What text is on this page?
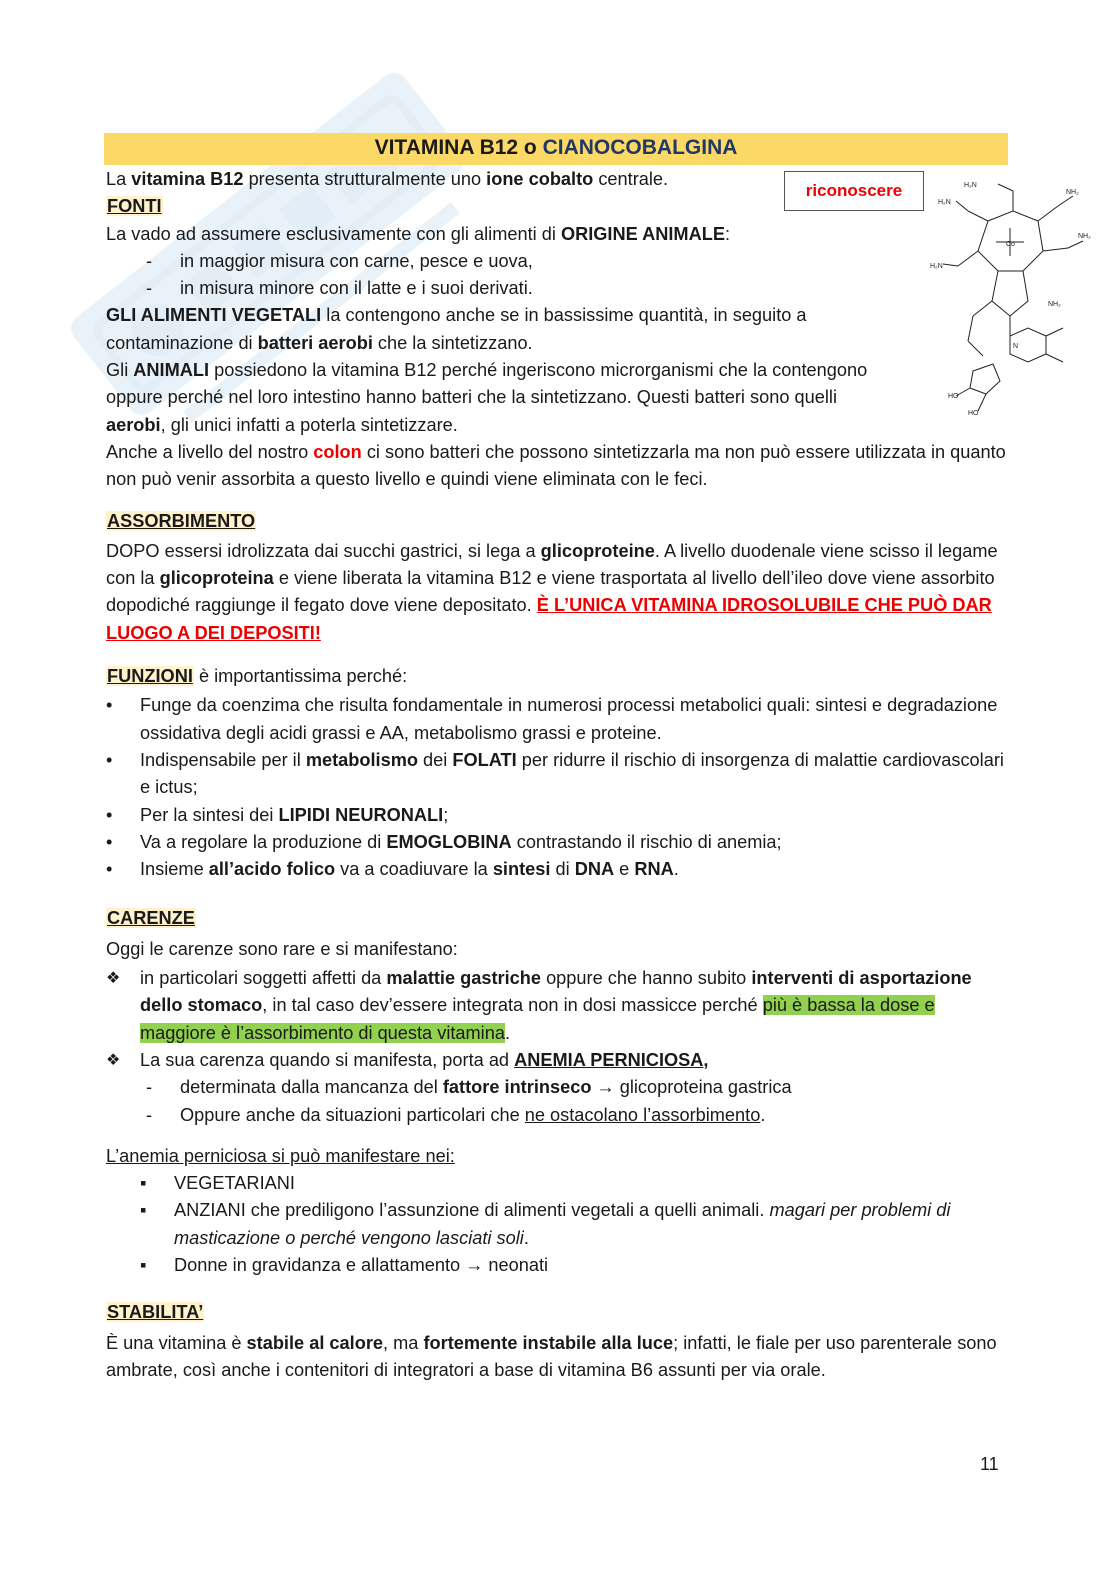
VITAMINA B12 o CIANOCOBALGINA
riconoscere	H₂N
NH₂
NH₂
H₂N
H₂N
Co
NH₂
N
HO
HO

La vitamina B12 presenta strutturalmente uno ione cobalto centrale.

FONTI

La vado ad assumere esclusivamente con gli alimenti di ORIGINE ANIMALE:

- in maggior misura con carne, pesce e uova,

- in misura minore con il latte e i suoi derivati.

GLI ALIMENTI VEGETALI la contengono anche se in bassissime quantità, in seguito a contaminazione di batteri aerobi che la sintetizzano.

Gli ANIMALI possiedono la vitamina B12 perché ingeriscono microrganismi che la contengono oppure perché nel loro intestino hanno batteri che la sintetizzano. Questi batteri sono quelli aerobi, gli unici infatti a poterla sintetizzare.

Anche a livello del nostro colon ci sono batteri che possono sintetizzarla ma non può essere utilizzata in quanto non può venir assorbita a questo livello e quindi viene eliminata con le feci.

ASSORBIMENTO

DOPO essersi idrolizzata dai succhi gastrici, si lega a glicoproteine. A livello duodenale viene scisso il legame con la glicoproteina e viene liberata la vitamina B12 e viene trasportata al livello dell’ileo dove viene assorbito dopodiché raggiunge il fegato dove viene depositato. È L’UNICA VITAMINA IDROSOLUBILE CHE PUÒ DAR LUOGO A DEI DEPOSITI!

FUNZIONI è importantissima perché:

• Funge da coenzima che risulta fondamentale in numerosi processi metabolici quali: sintesi e degradazione ossidativa degli acidi grassi e AA, metabolismo grassi e proteine.

• Indispensabile per il metabolismo dei FOLATI per ridurre il rischio di insorgenza di malattie cardiovascolari e ictus;

• Per la sintesi dei LIPIDI NEURONALI;

• Va a regolare la produzione di EMOGLOBINA contrastando il rischio di anemia;

• Insieme all’acido folico va a coadiuvare la sintesi di DNA e RNA.

CARENZE

Oggi le carenze sono rare e si manifestano:

❖ in particolari soggetti affetti da malattie gastriche oppure che hanno subito interventi di asportazione dello stomaco, in tal caso dev’essere integrata non in dosi massicce perché più è bassa la dose e maggiore è l’assorbimento di questa vitamina.

❖ La sua carenza quando si manifesta, porta ad ANEMIA PERNICIOSA,

- determinata dalla mancanza del fattore intrinseco → glicoproteina gastrica

- Oppure anche da situazioni particolari che ne ostacolano l’assorbimento.

L’anemia perniciosa si può manifestare nei:

▪ VEGETARIANI

▪ ANZIANI che prediligono l’assunzione di alimenti vegetali a quelli animali. magari per problemi di masticazione o perché vengono lasciati soli.

▪ Donne in gravidanza e allattamento → neonati

STABILITA’

È una vitamina è stabile al calore, ma fortemente instabile alla luce; infatti, le fiale per uso parenterale sono ambrate, così anche i contenitori di integratori a base di vitamina B6 assunti per via orale.

11
